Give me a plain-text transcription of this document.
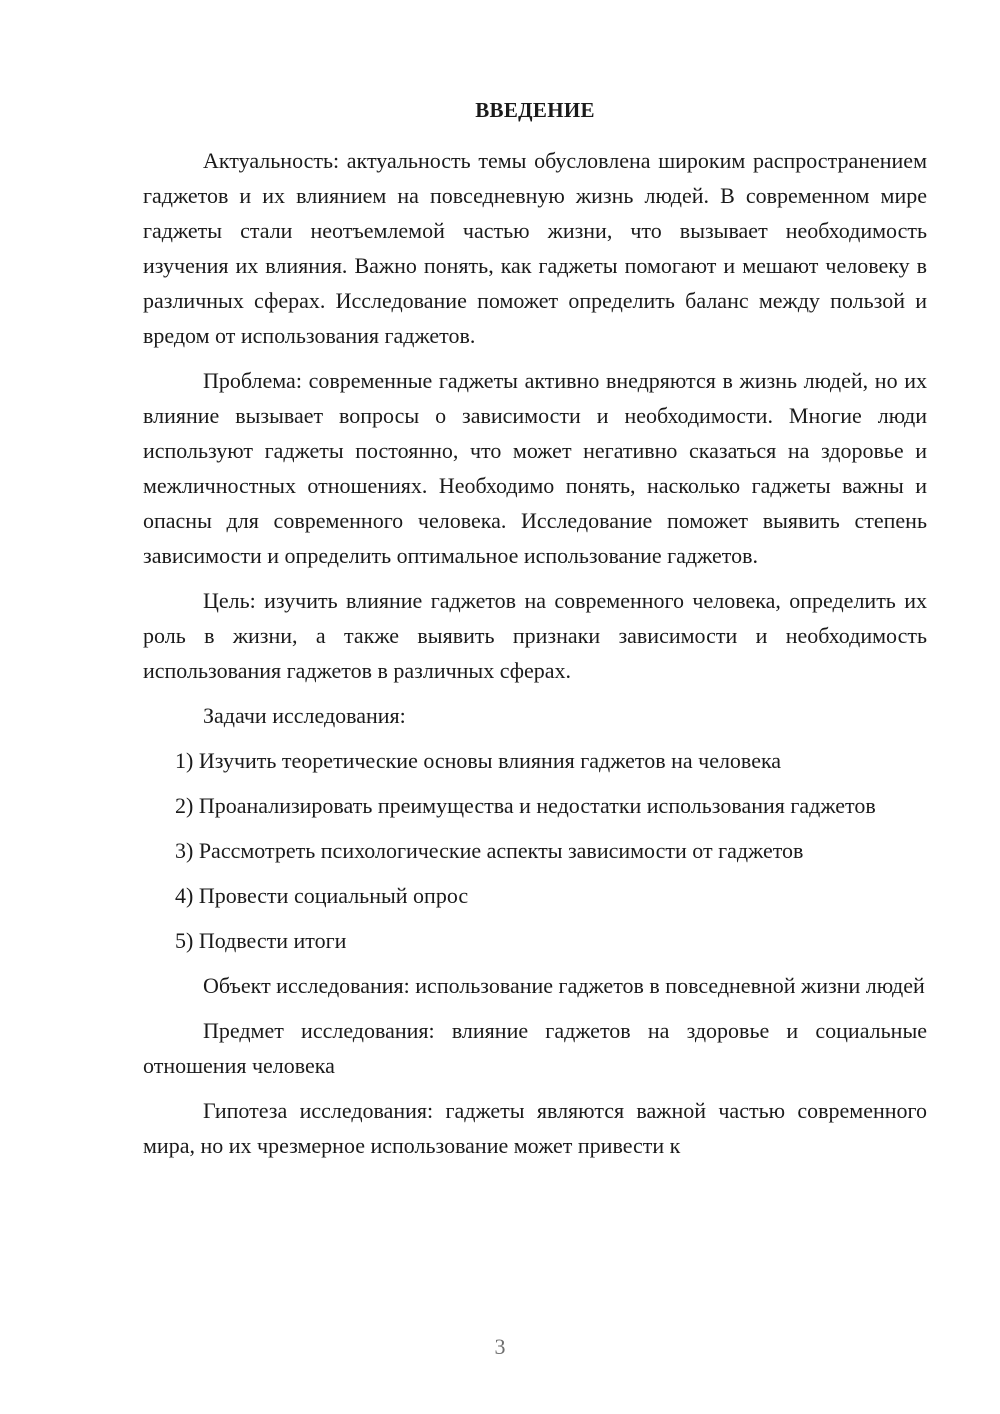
ВВЕДЕНИЕ

Актуальность: актуальность темы обусловлена широким распространением гаджетов и их влиянием на повседневную жизнь людей. В современном мире гаджеты стали неотъемлемой частью жизни, что вызывает необходимость изучения их влияния. Важно понять, как гаджеты помогают и мешают человеку в различных сферах. Исследование поможет определить баланс между пользой и вредом от использования гаджетов.

Проблема: современные гаджеты активно внедряются в жизнь людей, но их влияние вызывает вопросы о зависимости и необходимости. Многие люди используют гаджеты постоянно, что может негативно сказаться на здоровье и межличностных отношениях. Необходимо понять, насколько гаджеты важны и опасны для современного человека. Исследование поможет выявить степень зависимости и определить оптимальное использование гаджетов.

Цель: изучить влияние гаджетов на современного человека, определить их роль в жизни, а также выявить признаки зависимости и необходимость использования гаджетов в различных сферах.

Задачи исследования:

1) Изучить теоретические основы влияния гаджетов на человека
2) Проанализировать преимущества и недостатки использования гаджетов
3) Рассмотреть психологические аспекты зависимости от гаджетов
4) Провести социальный опрос
5) Подвести итоги

Объект исследования: использование гаджетов в повседневной жизни людей

Предмет исследования: влияние гаджетов на здоровье и социальные отношения человека

Гипотеза исследования: гаджеты являются важной частью современного мира, но их чрезмерное использование может привести к

3
